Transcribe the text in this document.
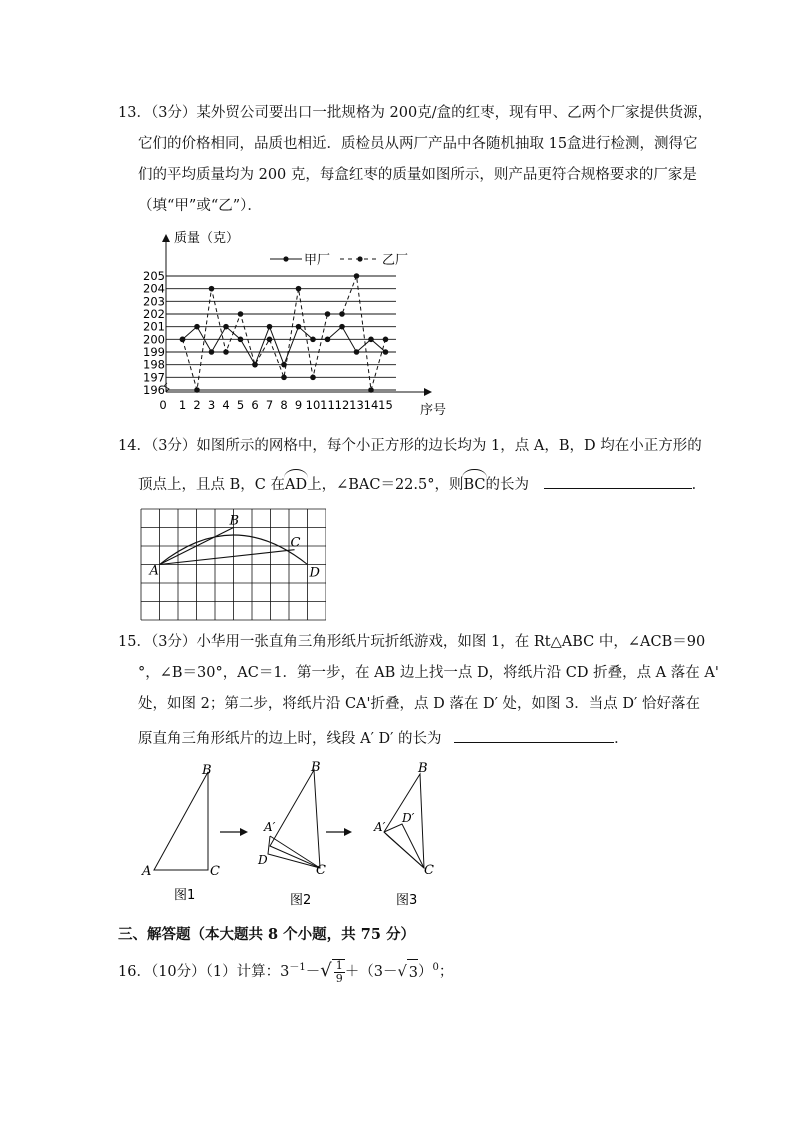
13．（3分）某外贸公司要出口一批规格为 200克/盒的红枣，现有甲、乙两个厂家提供货源，
它们的价格相同，品质也相近．质检员从两厂产品中各随机抽取 15盒进行检测，测得它
们的平均质量均为 200 克，每盒红枣的质量如图所示，则产品更符合规格要求的厂家是
（填“甲”或“乙”）．
196
197
198
199
200
201
202
203
204
205
0 1 2 3 4 5 6 7 8 9 10 11 12 13 14 15
质量（克）
序号
甲厂	乙厂
14．（3分）如图所示的网格中，每个小正方形的边长均为 1，点 A，B，D 均在小正方形的
顶点上，且点 B，C 在AD上，∠BAC＝22.5°，则BC的长为	．
A
B
C
D
15．（3分）小华用一张直角三角形纸片玩折纸游戏，如图 1，在 Rt△ABC 中，∠ACB＝90
°，∠B＝30°，AC＝1．第一步，在 AB 边上找一点 D，将纸片沿 CD 折叠，点 A 落在 A'
处，如图 2；第二步，将纸片沿 CA'折叠，点 D 落在 D′ 处，如图 3．当点 D′ 恰好落在
原直角三角形纸片的边上时，线段 A′ D′ 的长为	．
B
A	C
图1
B
A′
D
C
图2
B
A′
D′
C
图3
三、解答题（本大题共 8 个小题，共 75 分）
16．（10分）（1）计算：$3^{-1}-√ \frac{1}{9} +(3-√$ 3）$^0$；
